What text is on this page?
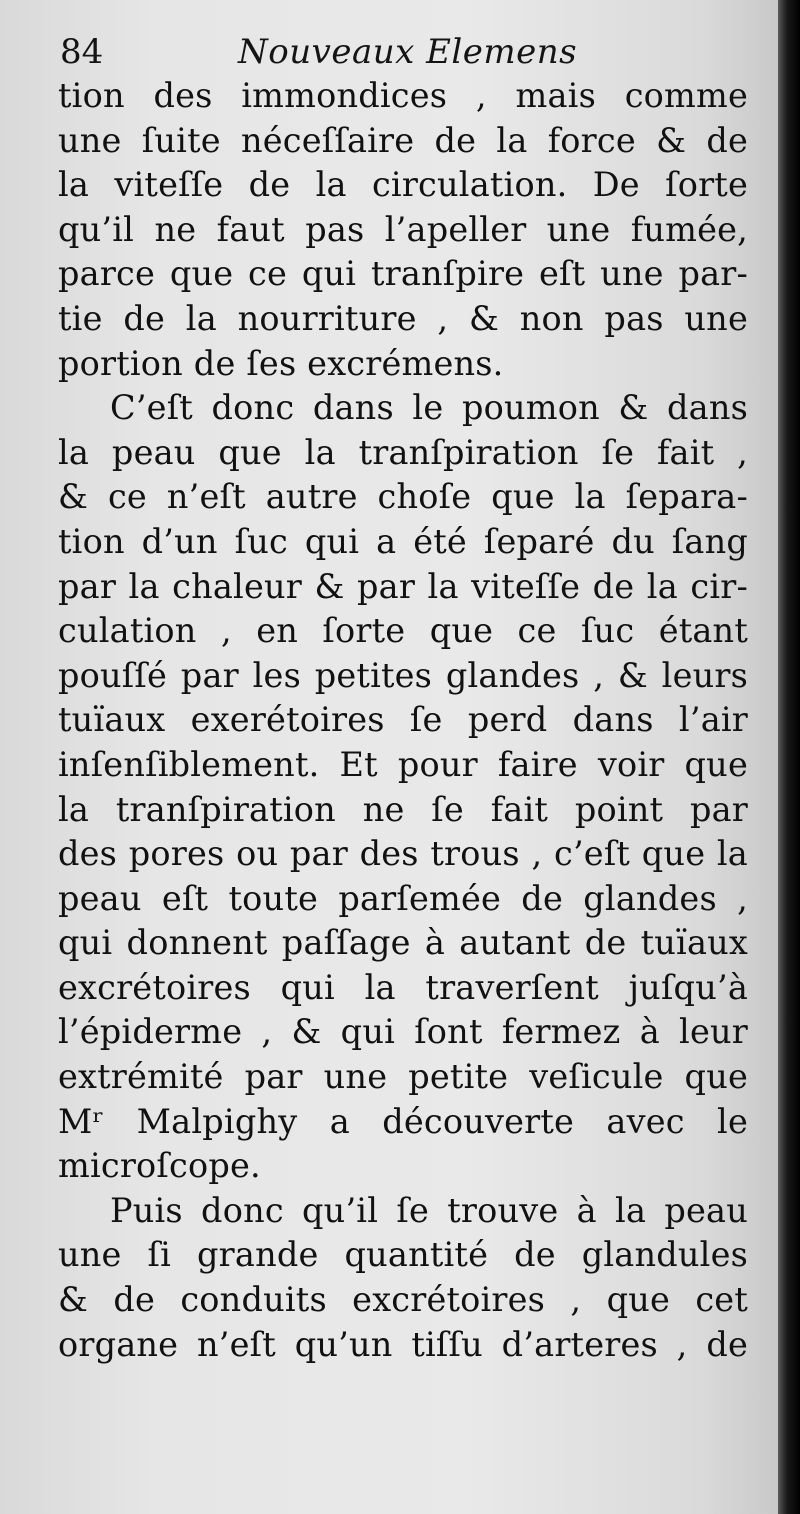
84	Nouveaux Elemens
tion des immondices , mais comme
une ſuite néceſſaire de la force & de
la viteſſe de la circulation. De ſorte
qu’il ne faut pas l’apeller une fumée,
parce que ce qui tranſpire eſt une par-
tie de la nourriture , & non pas une
portion de ſes excrémens.
C’eſt donc dans le poumon & dans
la peau que la tranſpiration ſe fait ,
& ce n’eſt autre choſe que la ſepara-
tion d’un ſuc qui a été ſeparé du ſang
par la chaleur & par la viteſſe de la cir-
culation , en ſorte que ce ſuc étant
pouſſé par les petites glandes , & leurs
tuïaux exerétoires ſe perd dans l’air
inſenſiblement. Et pour faire voir que
la tranſpiration ne ſe fait point par
des pores ou par des trous , c’eſt que la
peau eſt toute parſemée de glandes ,
qui donnent paſſage à autant de tuïaux
excrétoires qui la traverſent juſqu’à
l’épiderme , & qui ſont fermez à leur
extrémité par une petite veſicule que
Mʳ Malpighy a découverte avec le
microſcope.
Puis donc qu’il ſe trouve à la peau
une ſi grande quantité de glandules
& de conduits excrétoires , que cet
organe n’eſt qu’un tiſſu d’arteres , de
